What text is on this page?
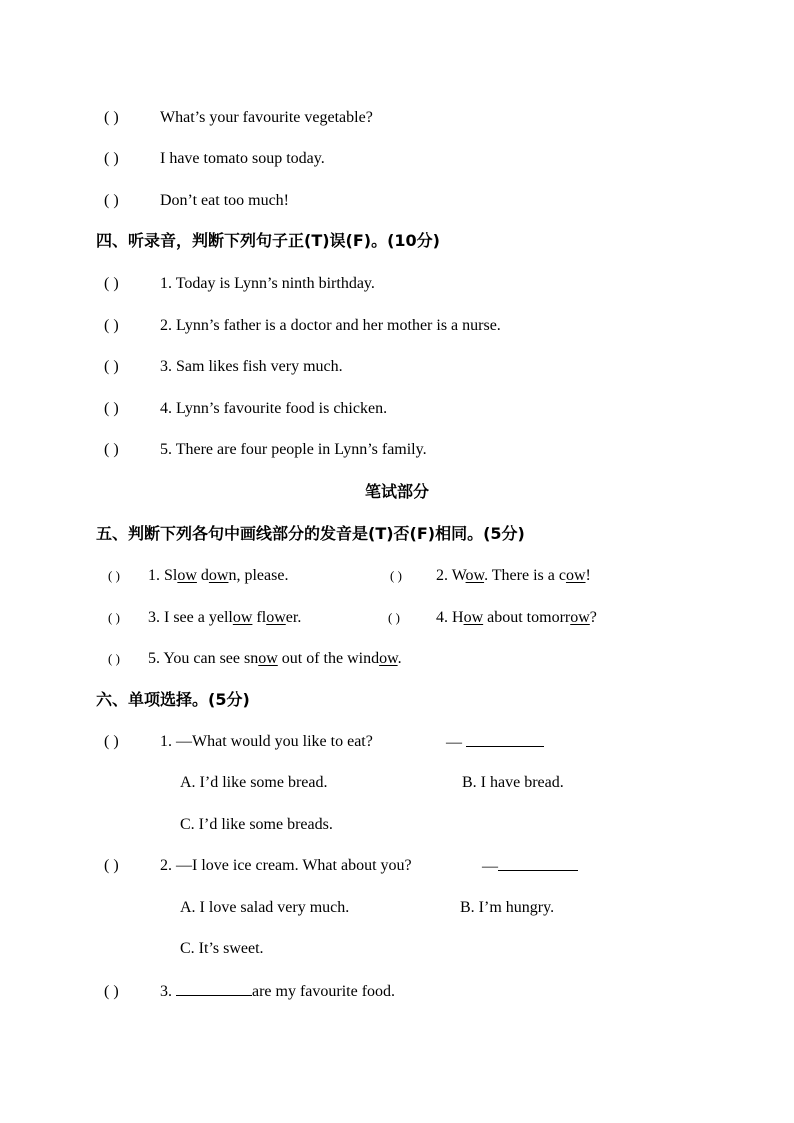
( )	What’s your favourite vegetable?
( )	I have tomato soup today.
( )	Don’t eat too much!
四、听录音，判断下列句子正(T)误(F)。(10分)
( )	1. Today is Lynn’s ninth birthday.
( )	2. Lynn’s father is a doctor and her mother is a nurse.
( )	3. Sam likes fish very much.
( )	4. Lynn’s favourite food is chicken.
( )	5. There are four people in Lynn’s family.
笔试部分
五、判断下列各句中画线部分的发音是(T)否(F)相同。(5分)
( ) 1. Slow down, please.	( ) 2. Wow. There is a cow!
( ) 3. I see a yellow flower.	( ) 4. How about tomorrow?
( ) 5. You can see snow out of the window.
六、单项选择。(5分)
( )	1. —What would you like to eat?	—
A. I’d like some bread.	B. I have bread.
C. I’d like some breads.
( )	2. —I love ice cream. What about you?	—
A. I love salad very much.	B. I’m hungry.
C. It’s sweet.
( )	3.	are my favourite food.
